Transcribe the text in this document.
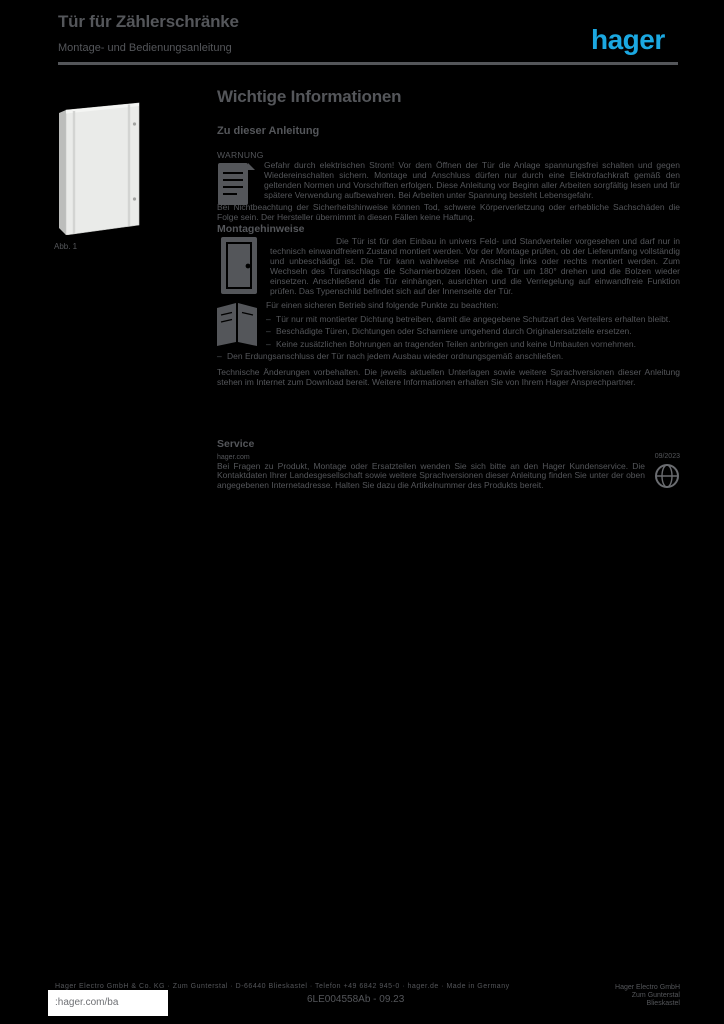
Tür für Zählerschränke
Montage- und Bedienungsanleitung	hager
Abb. 1
Wichtige Informationen
Zu dieser Anleitung
WARNUNG
Gefahr durch elektrischen Strom! Vor dem Öffnen der Tür die Anlage spannungsfrei schalten und gegen Wiedereinschalten sichern. Montage und Anschluss dürfen nur durch eine Elektrofachkraft gemäß den geltenden Normen und Vorschriften erfolgen. Diese Anleitung vor Beginn aller Arbeiten sorgfältig lesen und für spätere Verwendung aufbewahren. Bei Arbeiten unter Spannung besteht Lebensgefahr.
Bei Nichtbeachtung der Sicherheitshinweise können Tod, schwere Körperverletzung oder erhebliche Sachschäden die Folge sein. Der Hersteller übernimmt in diesen Fällen keine Haftung.
Montagehinweise

Die Tür ist für den Einbau in univers Feld- und Standverteiler vorgesehen und darf nur in technisch einwandfreiem Zustand montiert werden. Vor der Montage prüfen, ob der Lieferumfang vollständig und unbeschädigt ist. Die Tür kann wahlweise mit Anschlag links oder rechts montiert werden. Zum Wechseln des Türanschlags die Scharnierbolzen lösen, die Tür um 180° drehen und die Bolzen wieder einsetzen. Anschließend die Tür einhängen, ausrichten und die Verriegelung auf einwandfreie Funktion prüfen. Das Typenschild befindet sich auf der Innenseite der Tür.

Für einen sicheren Betrieb sind folgende Punkte zu beachten:

– Tür nur mit montierter Dichtung betreiben, damit die angegebene Schutzart des Verteilers erhalten bleibt.
– Beschädigte Türen, Dichtungen oder Scharniere umgehend durch Originalersatzteile ersetzen.
– Keine zusätzlichen Bohrungen an tragenden Teilen anbringen und keine Umbauten vornehmen.
– Den Erdungsanschluss der Tür nach jedem Ausbau wieder ordnungsgemäß anschließen.

Technische Änderungen vorbehalten. Die jeweils aktuellen Unterlagen sowie weitere Sprachversionen dieser Anleitung stehen im Internet zum Download bereit. Weitere Informationen erhalten Sie von Ihrem Hager Ansprechpartner.

Service
hager.com	09/2023
Bei Fragen zu Produkt, Montage oder Ersatzteilen wenden Sie sich bitte an den Hager Kundenservice. Die Kontaktdaten Ihrer Landesgesellschaft sowie weitere Sprachversionen dieser Anleitung finden Sie unter der oben angegebenen Internetadresse. Halten Sie dazu die Artikelnummer des Produkts bereit.
Hager Electro GmbH & Co. KG · Zum Gunterstal · D-66440 Blieskastel · Telefon +49 6842 945-0 · hager.de · Made in Germany
:hager.com/ba	6LE004558Ab - 09.23
Hager Electro GmbH
Zum Gunterstal
Blieskastel
